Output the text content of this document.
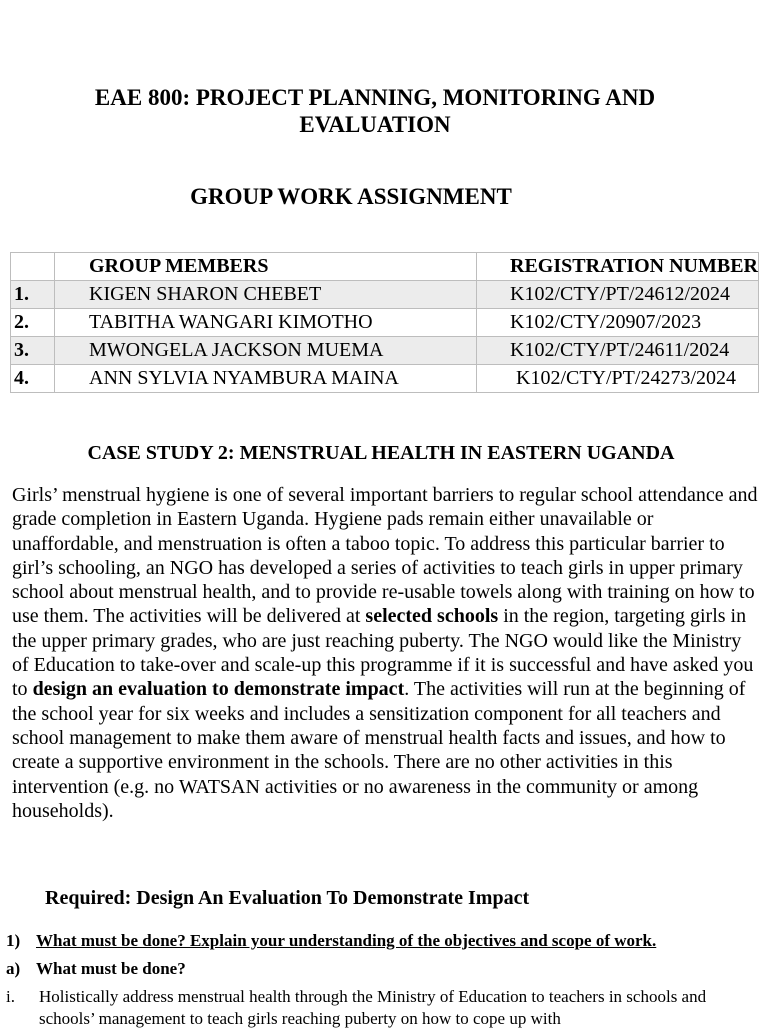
EAE 800: PROJECT PLANNING, MONITORING AND EVALUATION
GROUP WORK ASSIGNMENT
	GROUP MEMBERS	REGISTRATION NUMBER
1.	KIGEN SHARON CHEBET	K102/CTY/PT/24612/2024
2.	TABITHA WANGARI KIMOTHO	K102/CTY/20907/2023
3.	MWONGELA JACKSON MUEMA	K102/CTY/PT/24611/2024
4.	ANN SYLVIA NYAMBURA MAINA	K102/CTY/PT/24273/2024
CASE STUDY 2: MENSTRUAL HEALTH IN EASTERN UGANDA

Girls’ menstrual hygiene is one of several important barriers to regular school attendance and grade completion in Eastern Uganda. Hygiene pads remain either unavailable or unaffordable, and menstruation is often a taboo topic. To address this particular barrier to girl’s schooling, an NGO has developed a series of activities to teach girls in upper primary school about menstrual health, and to provide re-usable towels along with training on how to use them. The activities will be delivered at selected schools in the region, targeting girls in the upper primary grades, who are just reaching puberty. The NGO would like the Ministry of Education to take-over and scale-up this programme if it is successful and have asked you to design an evaluation to demonstrate impact. The activities will run at the beginning of the school year for six weeks and includes a sensitization component for all teachers and school management to make them aware of menstrual health facts and issues, and how to create a supportive environment in the schools. There are no other activities in this intervention (e.g. no WATSAN activities or no awareness in the community or among households).

Required: Design An Evaluation To Demonstrate Impact
1) What must be done? Explain your understanding of the objectives and scope of work.
a) What must be done?
i. Holistically address menstrual health through the Ministry of Education to teachers in schools and schools’ management to teach girls reaching puberty on how to cope up with
